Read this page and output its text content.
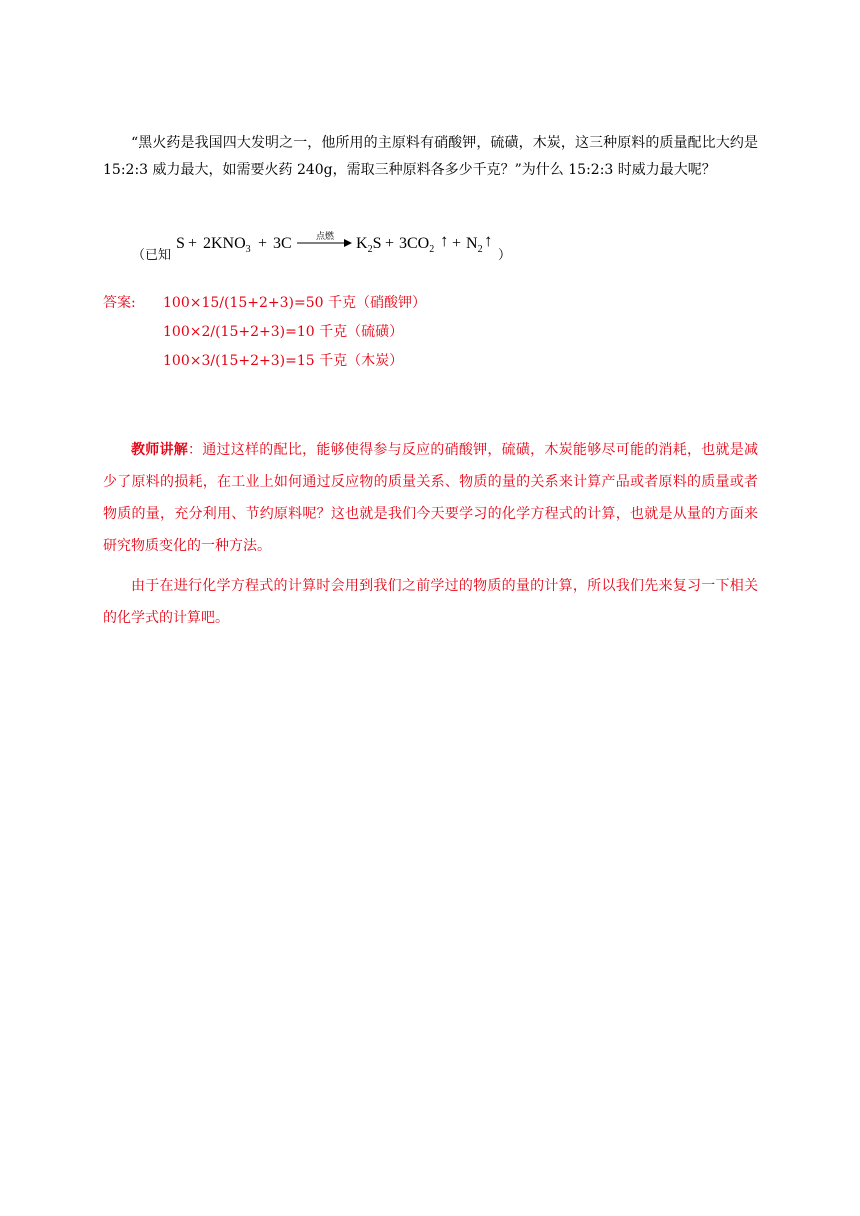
“黑火药是我国四大发明之一，他所用的主原料有硝酸钾，硫磺，木炭，这三种原料的质量配比大约是 15:2:3 威力最大，如需要火药 240g，需取三种原料各多少千克？”为什么 15:2:3 时威力最大呢？
（已知
$S + 2KNO_3 + 3C$	点燃 $K_2S + 3CO_2$ ↑ + $N_2$ ↑
）
答案: 100×15/(15+2+3)=50 千克（硝酸钾）
100×2/(15+2+3)=10 千克（硫磺）
100×3/(15+2+3)=15 千克（木炭）
教师讲解：通过这样的配比，能够使得参与反应的硝酸钾，硫磺，木炭能够尽可能的消耗，也就是减少了原料的损耗，在工业上如何通过反应物的质量关系、物质的量的关系来计算产品或者原料的质量或者物质的量，充分利用、节约原料呢？这也就是我们今天要学习的化学方程式的计算，也就是从量的方面来研究物质变化的一种方法。
由于在进行化学方程式的计算时会用到我们之前学过的物质的量的计算，所以我们先来复习一下相关的化学式的计算吧。
